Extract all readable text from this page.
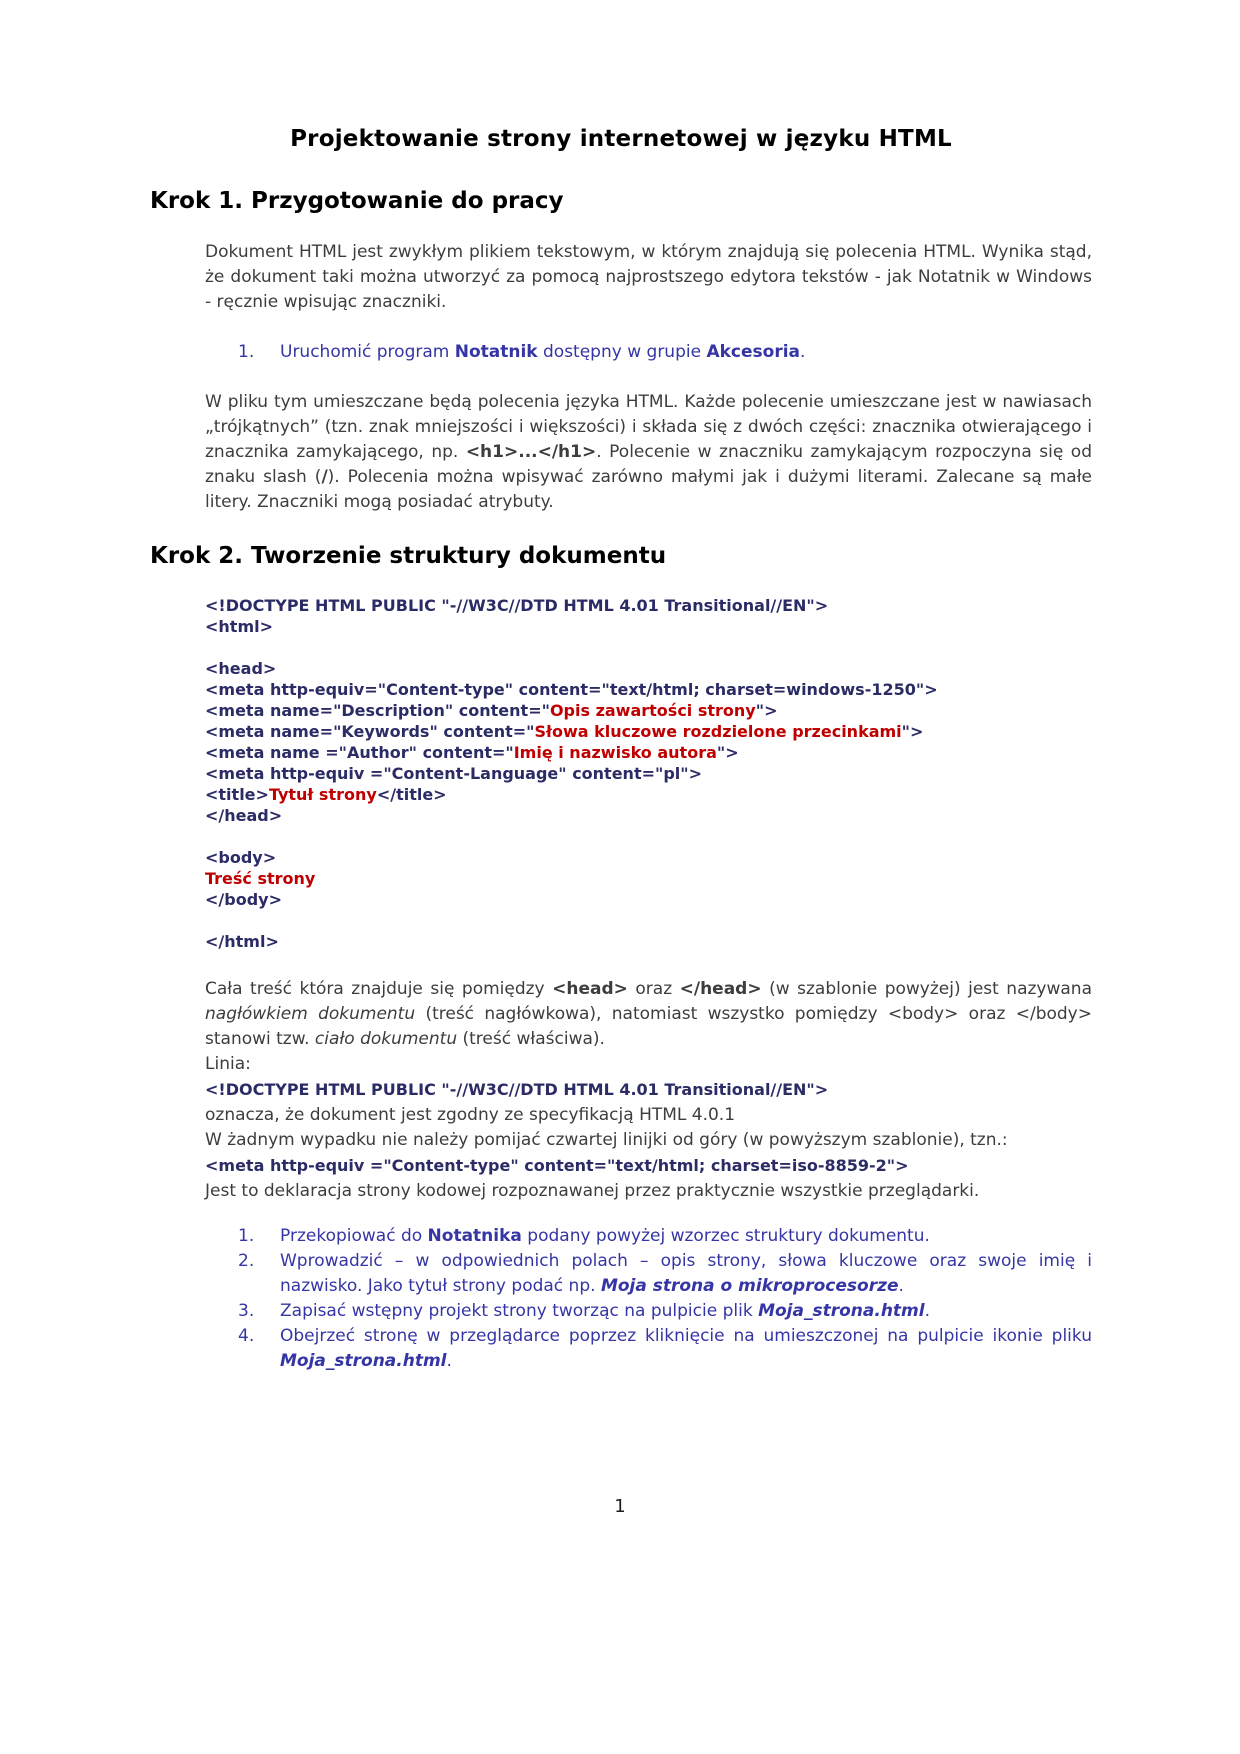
Projektowanie strony internetowej w języku HTML
Krok 1. Przygotowanie do pracy
Dokument HTML jest zwykłym plikiem tekstowym, w którym znajdują się polecenia HTML. Wynika stąd, że dokument taki można utworzyć za pomocą najprostszego edytora tekstów - jak Notatnik w Windows - ręcznie wpisując znaczniki.
1.	Uruchomić program Notatnik dostępny w grupie Akcesoria.
W pliku tym umieszczane będą polecenia języka HTML. Każde polecenie umieszczane jest w nawiasach „trójkątnych” (tzn. znak mniejszości i większości) i składa się z dwóch części: znacznika otwierającego i znacznika zamykającego, np. <h1>...</h1>. Polecenie w znaczniku zamykającym rozpoczyna się od znaku slash (/). Polecenia można wpisywać zarówno małymi jak i dużymi literami. Zalecane są małe litery. Znaczniki mogą posiadać atrybuty.
Krok 2. Tworzenie struktury dokumentu
<!DOCTYPE HTML PUBLIC "-//W3C//DTD HTML 4.01 Transitional//EN">
<html>

<head>
<meta http-equiv="Content-type" content="text/html; charset=windows-1250">
<meta name="Description" content="Opis zawartości strony">
<meta name="Keywords" content="Słowa kluczowe rozdzielone przecinkami">
<meta name ="Author" content="Imię i nazwisko autora">
<meta http-equiv ="Content-Language" content="pl">
<title>Tytuł strony</title>
</head>

<body>
Treść strony
</body>

</html>
Cała treść która znajduje się pomiędzy <head> oraz </head> (w szablonie powyżej) jest nazywana nagłówkiem dokumentu (treść nagłówkowa), natomiast wszystko pomiędzy <body> oraz </body> stanowi tzw. ciało dokumentu (treść właściwa).
Linia:
<!DOCTYPE HTML PUBLIC "-//W3C//DTD HTML 4.01 Transitional//EN">
oznacza, że dokument jest zgodny ze specyfikacją HTML 4.0.1
W żadnym wypadku nie należy pomijać czwartej linijki od góry (w powyższym szablonie), tzn.:
<meta http-equiv ="Content-type" content="text/html; charset=iso-8859-2">
Jest to deklaracja strony kodowej rozpoznawanej przez praktycznie wszystkie przeglądarki.
1.	Przekopiować do Notatnika podany powyżej wzorzec struktury dokumentu.
2.	Wprowadzić – w odpowiednich polach – opis strony, słowa kluczowe oraz swoje imię i nazwisko. Jako tytuł strony podać np. Moja strona o mikroprocesorze.
3.	Zapisać wstępny projekt strony tworząc na pulpicie plik Moja_strona.html.
4.	Obejrzeć stronę w przeglądarce poprzez kliknięcie na umieszczonej na pulpicie ikonie pliku Moja_strona.html.
1
